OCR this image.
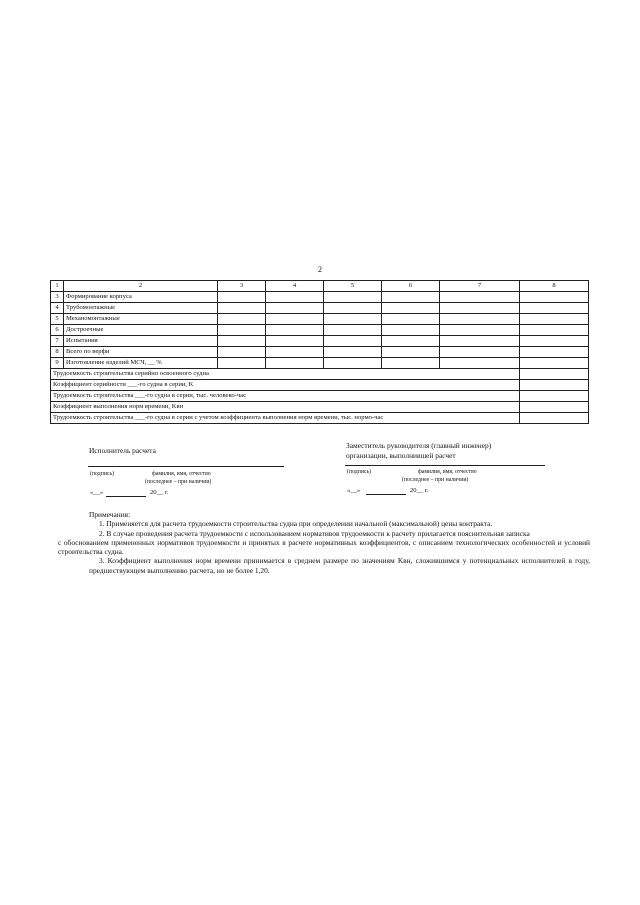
2
1	2	3	4	5	6	7	8
3	Формирование корпуса						
4	Трубомонтажные						
5	Механомонтажные						
6	Достроечные						
7	Испытания						
8	Всего по верфи						
9	Изготовление изделий МСЧ, __ %						
Трудоемкость строительства серийно освоенного судна							
Коэффициент серийности ___-го судна в серии, K							
Трудоемкость строительства ___-го судна в серии, тыс. человеко-час							
Коэффициент выполнения норм времени, Kвн							
Трудоемкость строительства ___-го судна в серии с учетом коэффициента выполнения норм времени, тыс. нормо-час							
Исполнитель расчета
(подпись)	фамилия, имя, отчество
(последнее – при наличии)
«__»	20__ г.
Заместитель руководителя (главный инженер)
организации, выполнившей расчет
(подпись)	фамилия, имя, отчество
(последнее – при наличии)
«__»	20__ г.

Примечания:

1. Применяется для расчета трудоемкости строительства судна при определении начальной (максимальной) цены контракта.

2. В случае проведения расчета трудоемкости с использованием нормативов трудоемкости к расчету прилагается пояснительная записка

с обоснованием примененных нормативов трудоемкости и принятых в расчете нормативных коэффициентов, с описанием технологических особенностей и условий строительства судна.

3. Коэффициент выполнения норм времени принимается в среднем размере по значениям Kвн, сложившимся у потенциальных исполнителей в году, предшествующем выполнению расчета, но не более 1,20.
